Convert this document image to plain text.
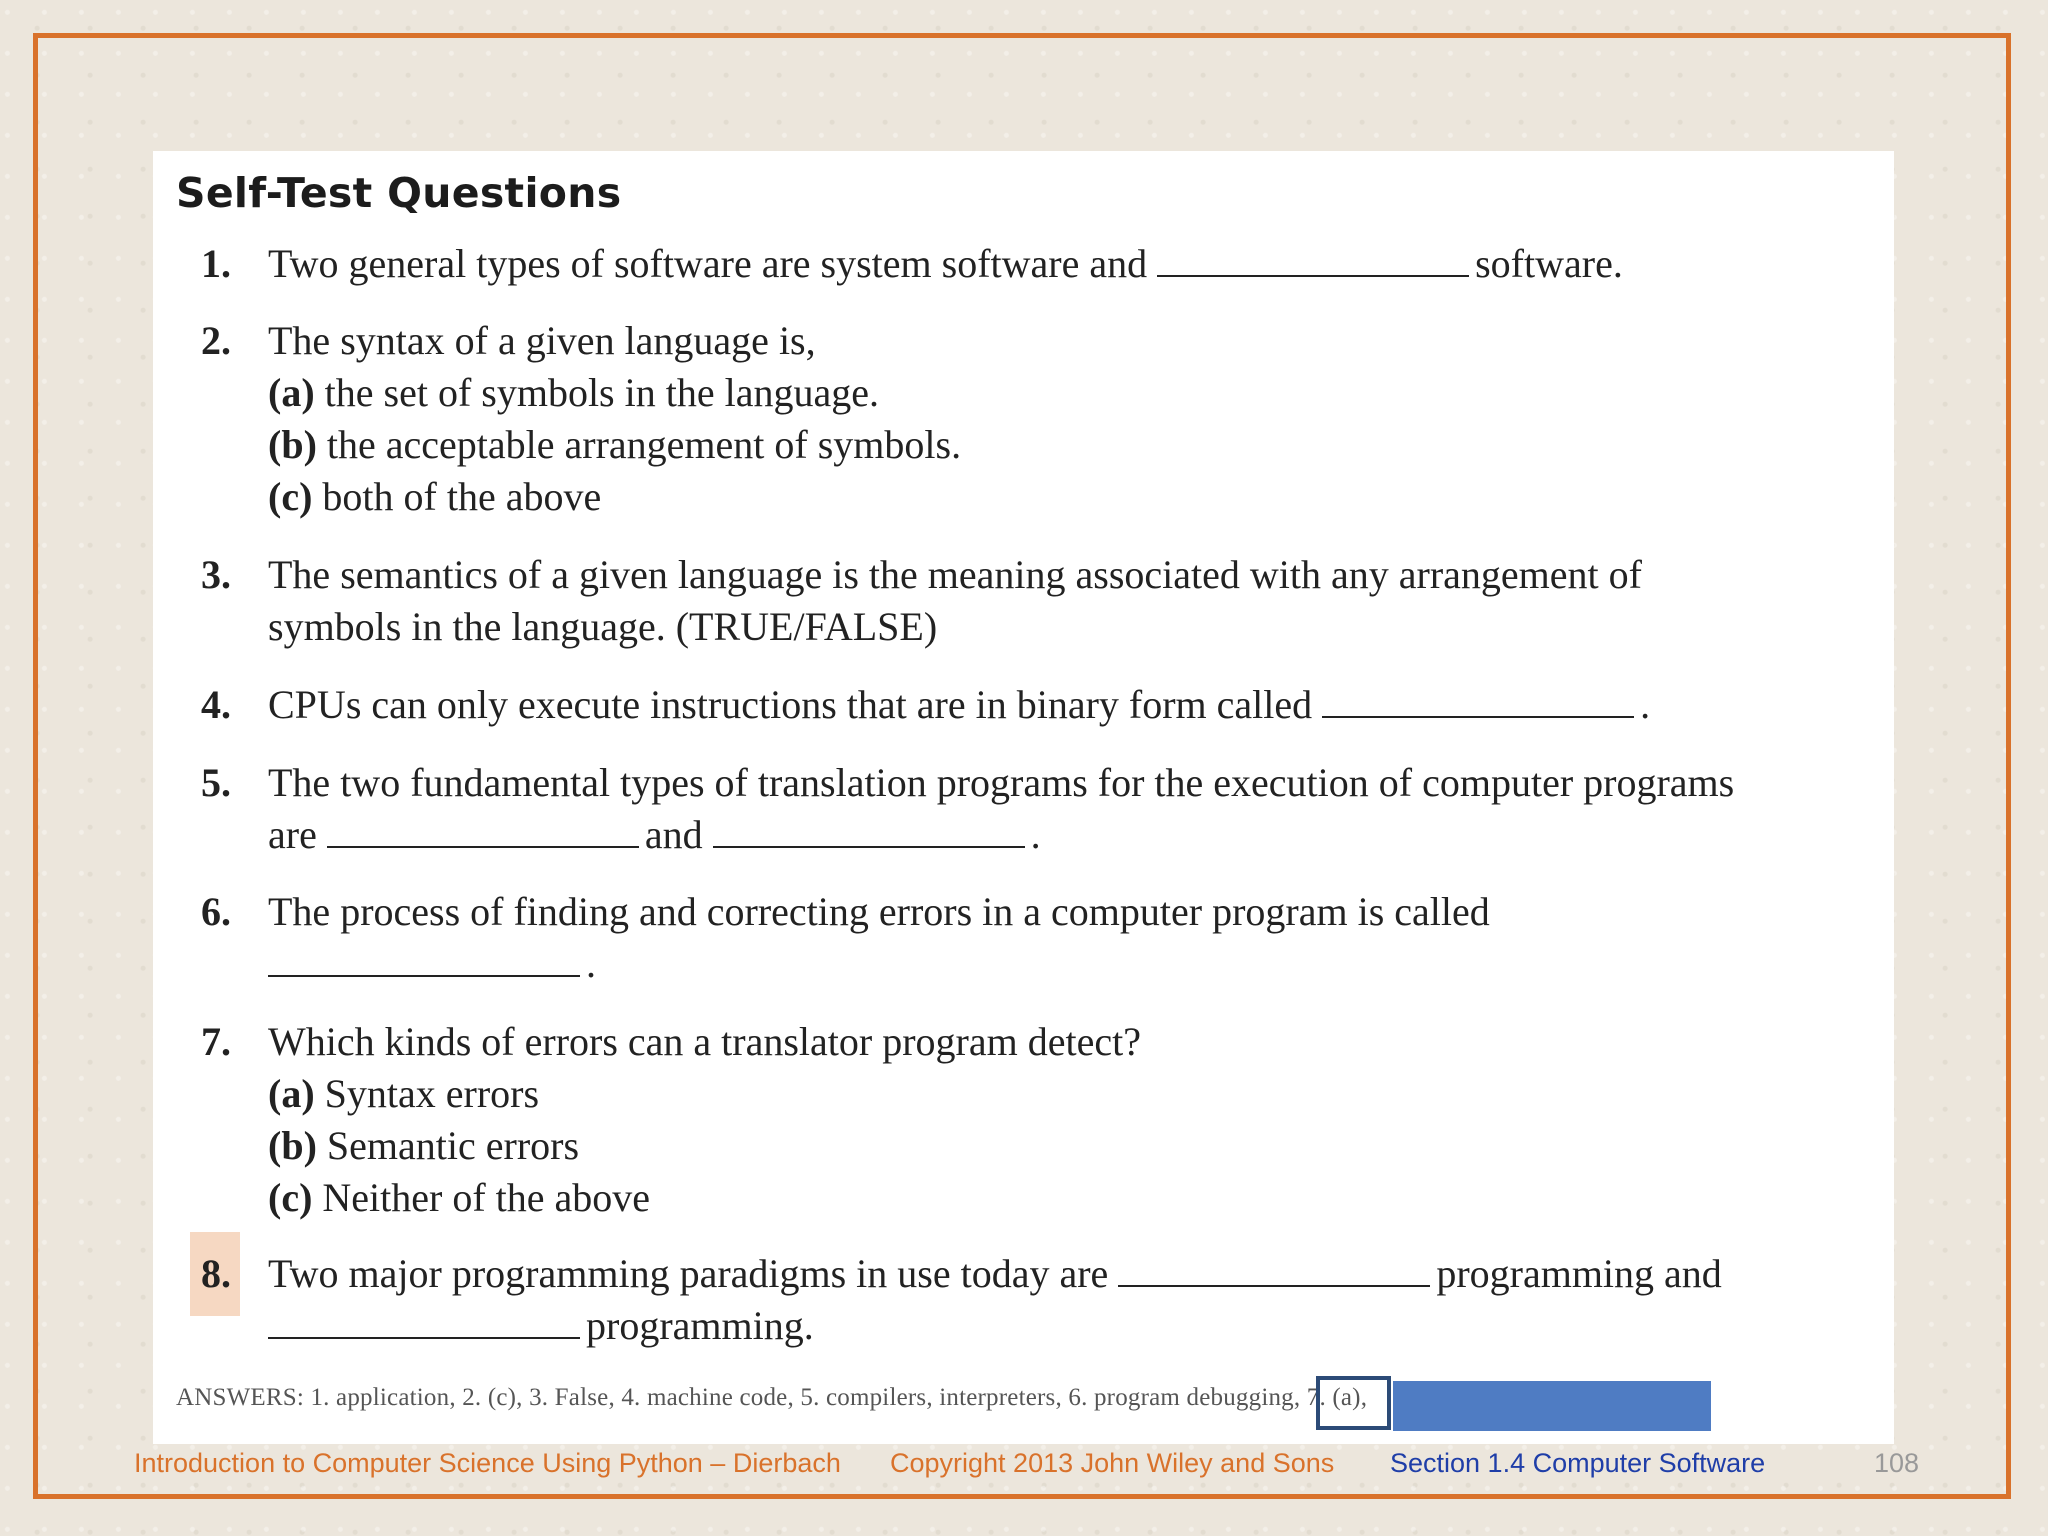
Self-Test Questions
1. Two general types of software are system software and	software.
2. The syntax of a given language is,
(a) the set of symbols in the language.
(b) the acceptable arrangement of symbols.
(c) both of the above
3. The semantics of a given language is the meaning associated with any arrangement of
symbols in the language. (TRUE/FALSE)
4. CPUs can only execute instructions that are in binary form called	.
5. The two fundamental types of translation programs for the execution of computer programs
are	and	.
6. The process of finding and correcting errors in a computer program is called
.
7. Which kinds of errors can a translator program detect?
(a) Syntax errors
(b) Semantic errors
(c) Neither of the above
8. Two major programming paradigms in use today are	programming and
programming.
ANSWERS: 1. application, 2. (c), 3. False, 4. machine code, 5. compilers, interpreters, 6. program debugging, 7. (a),
Introduction to Computer Science Using Python – Dierbach Copyright 2013 John Wiley and Sons Section 1.4 Computer Software	108
